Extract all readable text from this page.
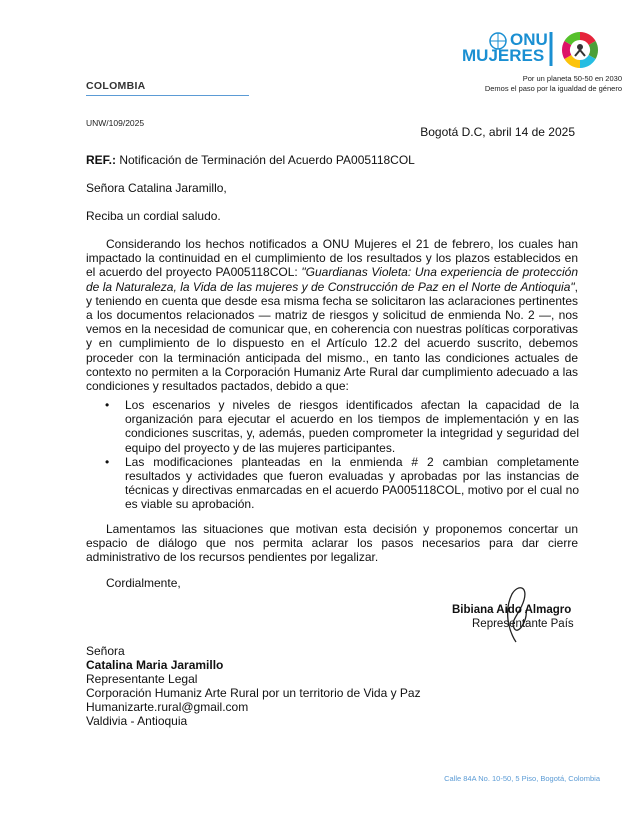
COLOMBIA
ONU
MUJERES
Por un planeta 50-50 en 2030
Demos el paso por la igualdad de género
UNW/109/2025
Bogotá D.C, abril 14 de 2025
REF.: Notificación de Terminación del Acuerdo PA005118COL
Señora Catalina Jaramillo,
Reciba un cordial saludo.
Considerando los hechos notificados a ONU Mujeres el 21 de febrero, los cuales han impactado la continuidad en el cumplimiento de los resultados y los plazos establecidos en el acuerdo del proyecto PA005118COL: "Guardianas Violeta: Una experiencia de protección de la Naturaleza, la Vida de las mujeres y de Construcción de Paz en el Norte de Antioquia", y teniendo en cuenta que desde esa misma fecha se solicitaron las aclaraciones pertinentes a los documentos relacionados — matriz de riesgos y solicitud de enmienda No. 2 —, nos vemos en la necesidad de comunicar que, en coherencia con nuestras políticas corporativas y en cumplimiento de lo dispuesto en el Artículo 12.2 del acuerdo suscrito, debemos proceder con la terminación anticipada del mismo., en tanto las condiciones actuales de contexto no permiten a la Corporación Humaniz Arte Rural dar cumplimiento adecuado a las condiciones y resultados pactados, debido a que:
• Los escenarios y niveles de riesgos identificados afectan la capacidad de la organización para ejecutar el acuerdo en los tiempos de implementación y en las condiciones suscritas, y, además, pueden comprometer la integridad y seguridad del equipo del proyecto y de las mujeres participantes.
• Las modificaciones planteadas en la enmienda # 2 cambian completamente resultados y actividades que fueron evaluadas y aprobadas por las instancias de técnicas y directivas enmarcadas en el acuerdo PA005118COL, motivo por el cual no es viable su aprobación.
Lamentamos las situaciones que motivan esta decisión y proponemos concertar un espacio de diálogo que nos permita aclarar los pasos necesarios para dar cierre administrativo de los recursos pendientes por legalizar.
Cordialmente,
Bibiana Aido Almagro
Representante País
Señora
Catalina Maria Jaramillo
Representante Legal
Corporación Humaniz Arte Rural por un territorio de Vida y Paz
Humanizarte.rural@gmail.com
Valdivia - Antioquia
Calle 84A No. 10-50, 5 Piso, Bogotá, Colombia
